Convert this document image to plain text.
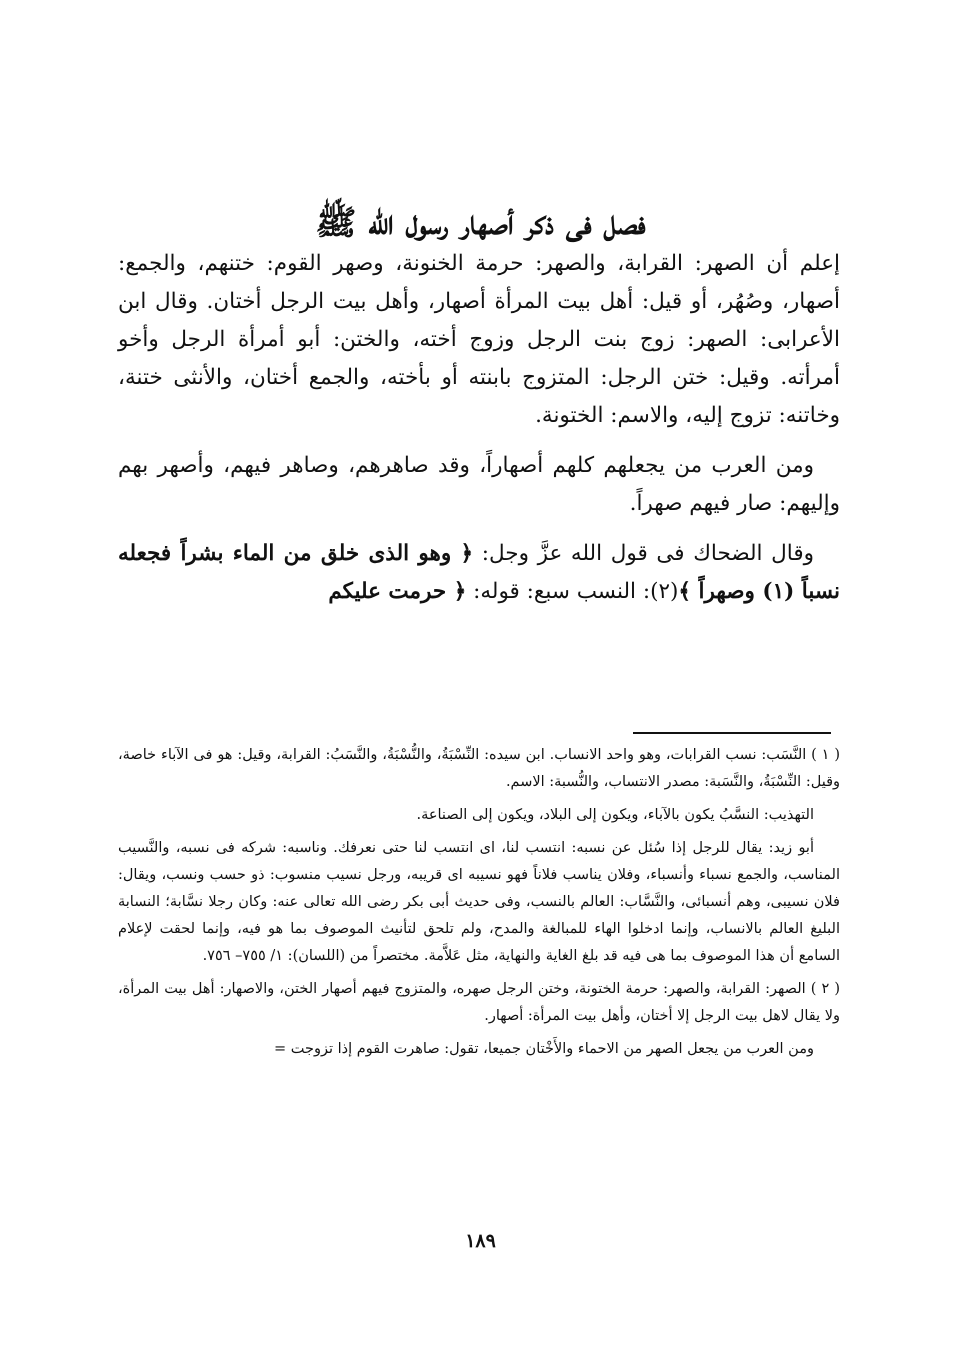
فصل فى ذكر أصهار رسول الله ﷺ

إعلم أن الصهر: القرابة، والصهر: حرمة الخنونة، وصهر القوم: ختنهم، والجمع: أصهار، وصُهُر، أو قيل: أهل بيت المرأة أصهار، وأهل بيت الرجل أختان. وقال ابن الأعرابى: الصهر: زوج بنت الرجل وزوج أخته، والختن: أبو أمرأة الرجل وأخو أمرأته. وقيل: ختن الرجل: المتزوج بابنته أو بأخته، والجمع أختان، والأنثى ختنة، وخاتنه: تزوج إليه، والاسم: الختونة.

ومن العرب من يجعلهم كلهم أصهاراً، وقد صاهرهم، وصاهر فيهم، وأصهر بهم وإليهم: صار فيهم صهراً.

وقال الضحاك فى قول الله عزَّ وجل: ﴿ وهو الذى خلق من الماء بشراً فجعله نسباً (١) وصهراً ﴾(٢): النسب سبع: قوله: ﴿ حرمت عليكم

( ١ ) النَّسَب: نسب القرابات، وهو واحد الانساب. ابن سيده: النِّسْبَةُ، والنُّسْبَةُ، والنَّسَبُ: القرابة، وقيل: هو فى الآباء خاصة، وقيل: النِّسْبَةُ، والنَّسَبة: مصدر الانتساب، والنُّسبة: الاسم.

التهذيب: النسَّبُ يكون بالآباء، ويكون إلى البلاد، ويكون إلى الصناعة.

أبو زيد: يقال للرجل إذا سُئل عن نسبه: انتسب لنا، اى انتسب لنا حتى نعرفك. وناسبه: شركه فى نسبه، والنَّسيب المناسب، والجمع نسباء وأنسباء، وفلان يناسب فلاناً فهو نسيبه اى قريبه، ورجل نسيب منسوب: ذو حسب ونسب، ويقال: فلان نسيبى، وهم أنسبائى، والنَّسَّاب: العالم بالنسب، وفى حديث أبى بكر رضى الله تعالى عنه: وكان رجلا نسَّابة؛ النسابة البليغ العالم بالانساب، وإنما ادخلوا الهاء للمبالغة والمدح، ولم تلحق لتأنيث الموصوف بما هو فيه، وإنما لحقت لإعلام السامع أن هذا الموصوف بما هى فيه قد بلغ الغاية والنهاية، مثل عَلاَّمة. مختصراً من (اللسان): ١/ ٧٥٥– ٧٥٦.

( ٢ ) الصهر: القرابة، والصهر: حرمة الختونة، وختن الرجل صهره، والمتزوج فيهم أصهار الختن، والاصهار: أهل بيت المرأة، ولا يقال لاهل بيت الرجل إلا أختان، وأهل بيت المرأة: أصهار.

ومن العرب من يجعل الصهر من الاحماء والأَخْتان جميعا، تقول: صاهرت القوم إذا تزوجت =

١٨٩
